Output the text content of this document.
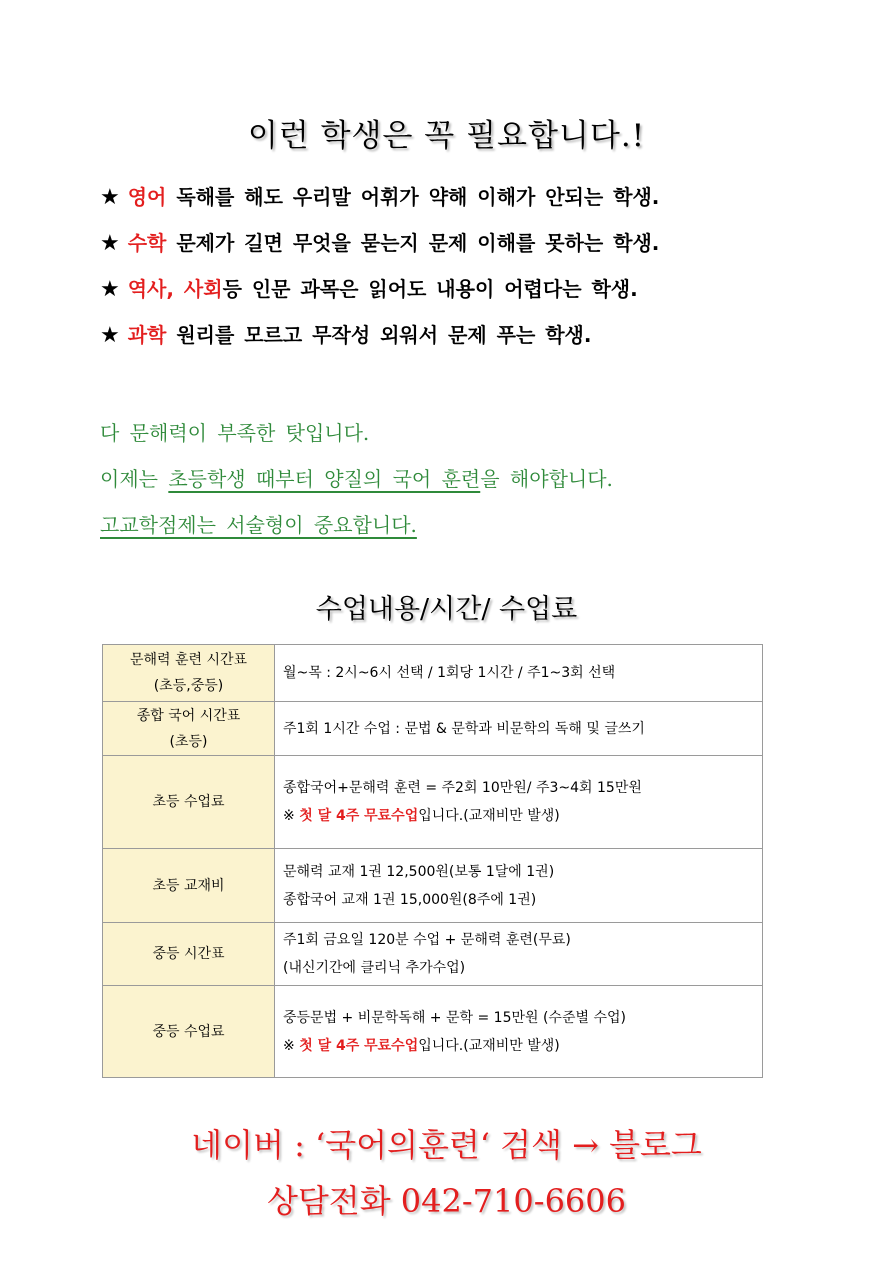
이런 학생은 꼭 필요합니다.!
★ 영어 독해를 해도 우리말 어휘가 약해 이해가 안되는 학생.
★ 수학 문제가 길면 무엇을 묻는지 문제 이해를 못하는 학생.
★ 역사, 사회등 인문 과목은 읽어도 내용이 어렵다는 학생.
★ 과학 원리를 모르고 무작성 외워서 문제 푸는 학생.
다 문해력이 부족한 탓입니다.
이제는 초등학생 때부터 양질의 국어 훈련을 해야합니다.
고교학점제는 서술형이 중요합니다.
수업내용/시간/ 수업료
문해력 훈련 시간표
(초등,중등)	월~목 : 2시~6시 선택 / 1회당 1시간 / 주1~3회 선택

종합 국어 시간표
(초등)	주1회 1시간 수업 : 문법 & 문학과 비문학의 독해 및 글쓰기

초등 수업료	종합국어+문해력 훈련 = 주2회 10만원/ 주3~4회 15만원
※ 첫 달 4주 무료수업입니다.(교재비만 발생)

초등 교재비	문해력 교재 1권 12,500원(보통 1달에 1권)
종합국어 교재 1권 15,000원(8주에 1권)

중등 시간표	주1회 금요일 120분 수업 + 문해력 훈련(무료)
(내신기간에 클리닉 추가수업)

중등 수업료	중등문법 + 비문학독해 + 문학 = 15만원 (수준별 수업)
※ 첫 달 4주 무료수업입니다.(교재비만 발생)
네이버 : ‘국어의훈련‘ 검색 → 블로그
상담전화 042-710-6606
